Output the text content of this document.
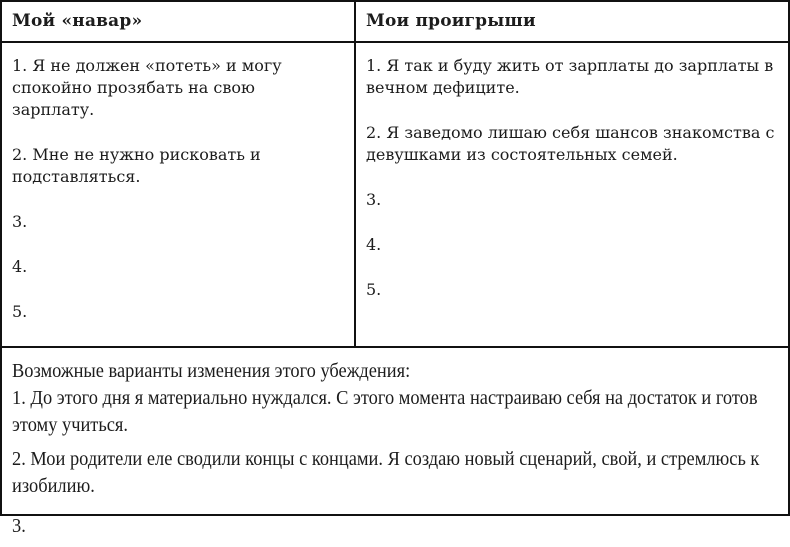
Мой «навар»	Мои проигрыши

1. Я не должен «потеть» и могу спокойно прозябать на свою зарплату.

2. Мне не нужно рисковать и подставляться.

3.

4.

5.

1. Я так и буду жить от зарплаты до зарплаты в вечном дефиците.

2. Я заведомо лишаю себя шансов знакомства с девушками из состоятельных семей.

3.

4.

5.

Возможные варианты изменения этого убеждения:

1. До этого дня я материально нуждался. С этого момента настраиваю себя на достаток и готов этому учиться.

2. Мои родители еле сводили концы с концами. Я создаю новый сценарий, свой, и стремлюсь к изобилию.

3.
